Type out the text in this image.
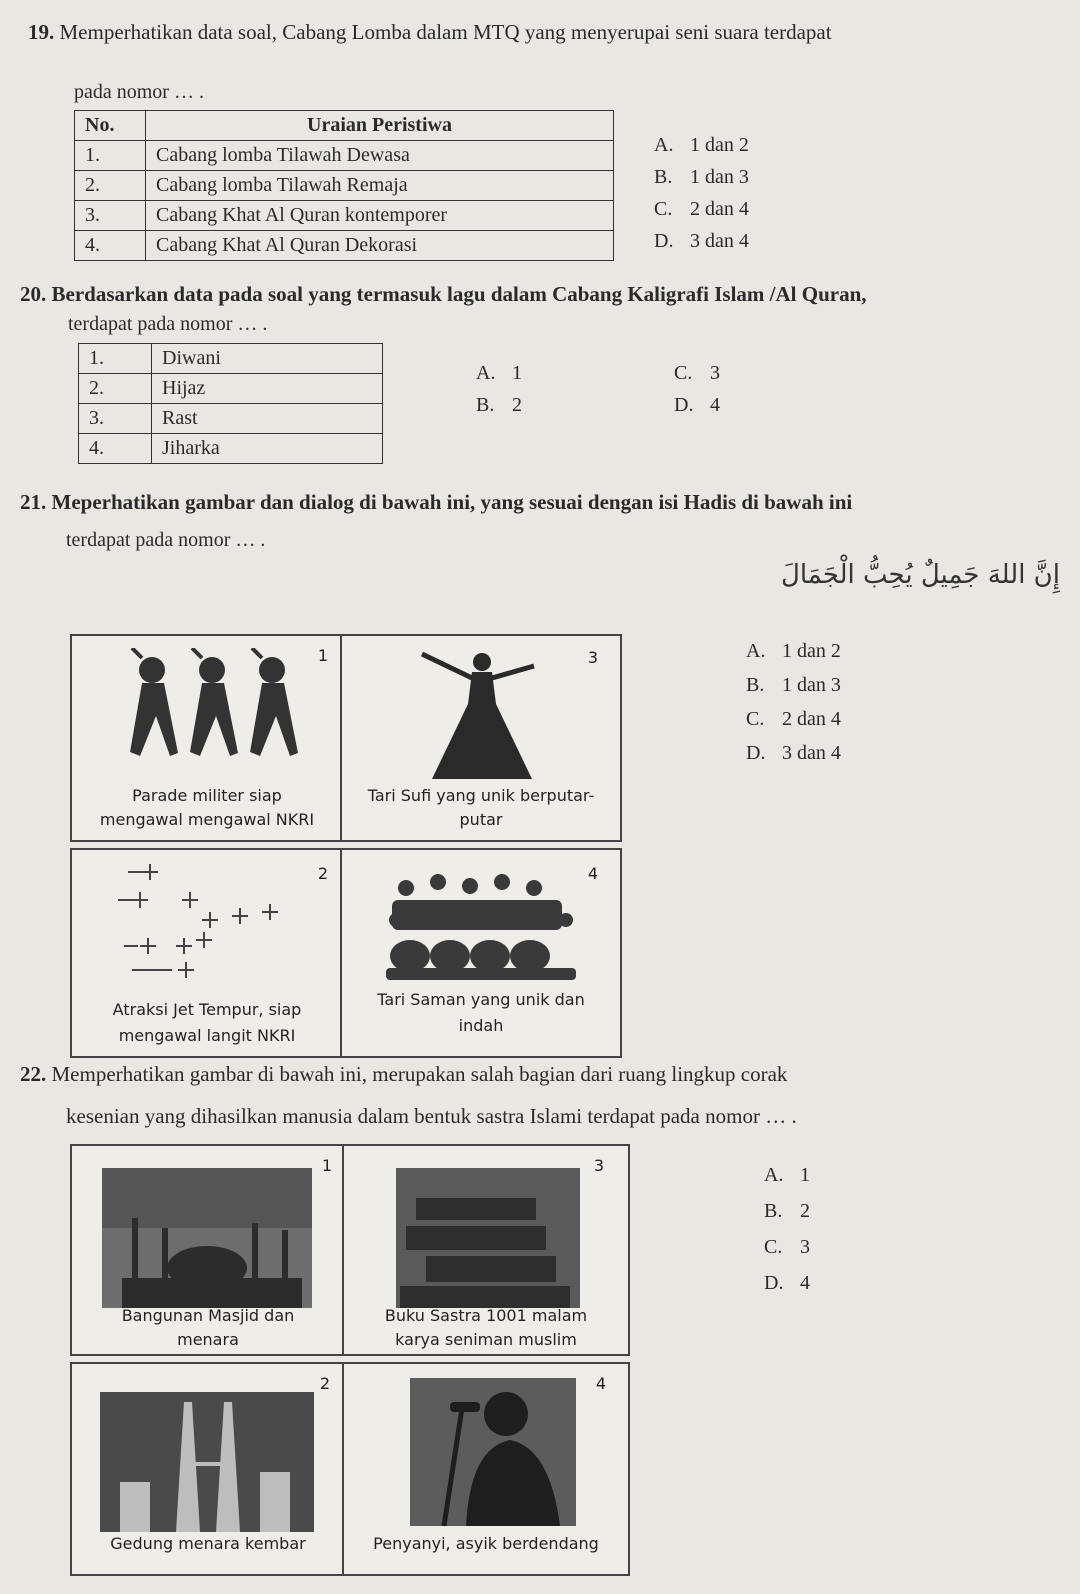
19. Memperhatikan data soal, Cabang Lomba dalam MTQ yang menyerupai seni suara terdapat
pada nomor … .
No.	Uraian Peristiwa
1.	Cabang lomba Tilawah Dewasa
2.	Cabang lomba Tilawah Remaja
3.	Cabang Khat Al Quran kontemporer
4.	Cabang Khat Al Quran Dekorasi
A. 1 dan 2
B. 1 dan 3
C. 2 dan 4
D. 3 dan 4
20. Berdasarkan data pada soal yang termasuk lagu dalam Cabang Kaligrafi Islam /Al Quran,
terdapat pada nomor … .
1.	Diwani
2.	Hijaz
3.	Rast
4.	Jiharka
A. 1
B. 2
C. 3
D. 4
21. Meperhatikan gambar dan dialog di bawah ini, yang sesuai dengan isi Hadis di bawah ini
terdapat pada nomor … .
إِنَّ اللهَ جَمِيلٌ يُحِبُّ الْجَمَالَ
1
Parade militer siap
mengawal mengawal NKRI
3
Tari Sufi yang unik berputar-
putar
2
Atraksi Jet Tempur, siap
mengawal langit NKRI
4
Tari Saman yang unik dan
indah
A. 1 dan 2
B. 1 dan 3
C. 2 dan 4
D. 3 dan 4
22. Memperhatikan gambar di bawah ini, merupakan salah bagian dari ruang lingkup corak
kesenian yang dihasilkan manusia dalam bentuk sastra Islami terdapat pada nomor … .
1
Bangunan Masjid dan
menara
3
Buku Sastra 1001 malam
karya seniman muslim
2
Gedung menara kembar
4
Penyanyi, asyik berdendang
A. 1
B. 2
C. 3
D. 4
